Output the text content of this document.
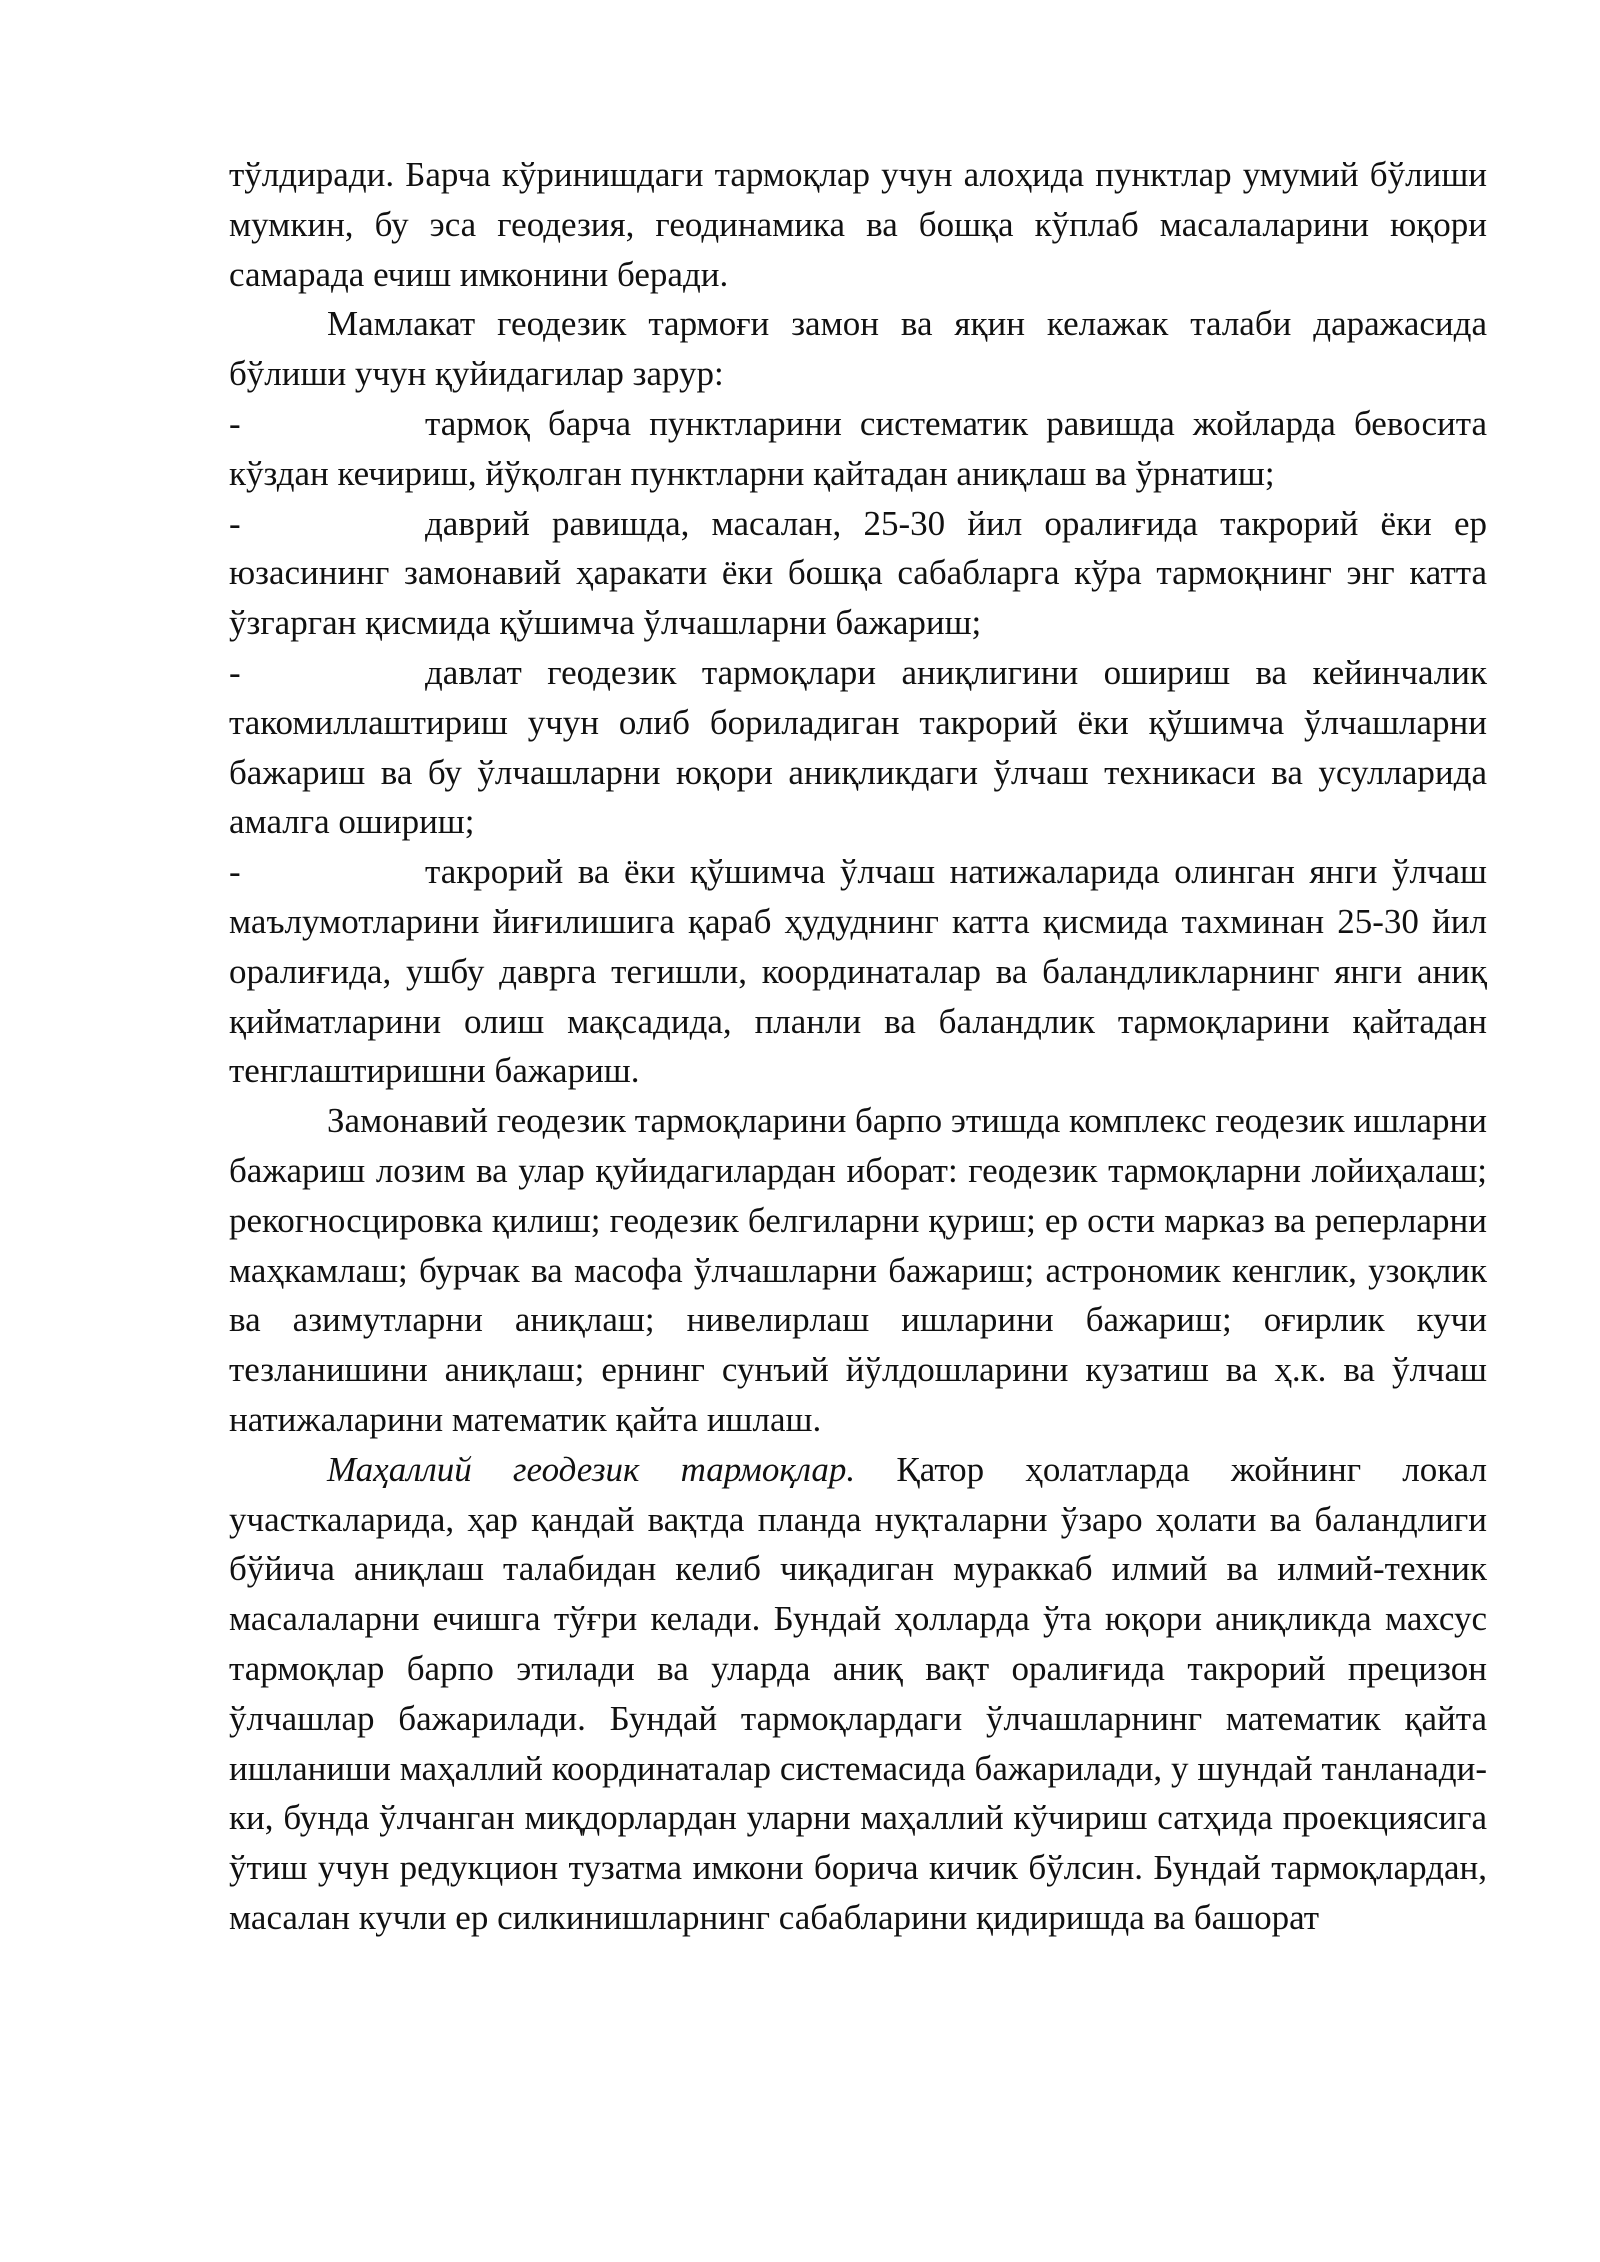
тўлдиради. Барча кўринишдаги тармоқлар учун алоҳида пунктлар умумий бўлиши мумкин, бу эса геодезия, геодинамика ва бошқа кўплаб масалаларини юқори самарада ечиш имконини беради.

Мамлакат геодезик тармоғи замон ва яқин келажак талаби даражасида бўлиши учун қуйидагилар зарур:

-	тармоқ барча пунктларини систематик равишда жойларда бевосита кўздан кечириш, йўқолган пунктларни қайтадан аниқлаш ва ўрнатиш;

-	даврий равишда, масалан, 25-30 йил оралиғида такрорий ёки ер юзасининг замонавий ҳаракати ёки бошқа сабабларга кўра тармоқнинг энг катта ўзгарган қисмида қўшимча ўлчашларни бажариш;

-	давлат геодезик тармоқлари аниқлигини ошириш ва кейинчалик такомиллаштириш учун олиб бориладиган такрорий ёки қўшимча ўлчашларни бажариш ва бу ўлчашларни юқори аниқликдаги ўлчаш техникаси ва усулларида амалга ошириш;

-	такрорий ва ёки қўшимча ўлчаш натижаларида олинган янги ўлчаш маълумотларини йиғилишига қараб ҳудуднинг катта қисмида тахминан 25-30 йил оралиғида, ушбу даврга тегишли, координаталар ва баландликларнинг янги аниқ қийматларини олиш мақсадида, планли ва баландлик тармоқларини қайтадан тенглаштиришни бажариш.

Замонавий геодезик тармоқларини барпо этишда комплекс геодезик ишларни бажариш лозим ва улар қуйидагилардан иборат: геодезик тармоқларни лойиҳалаш; рекогносцировка қилиш; геодезик белгиларни қуриш; ер ости марказ ва реперларни маҳкамлаш; бурчак ва масофа ўлчашларни бажариш; астрономик кенглик, узоқлик ва азимутларни аниқлаш; нивелирлаш ишларини бажариш; оғирлик кучи тезланишини аниқлаш; ернинг сунъий йўлдошларини кузатиш ва ҳ.к. ва ўлчаш натижаларини математик қайта ишлаш.

Маҳаллий геодезик тармоқлар. Қатор ҳолатларда жойнинг локал участкаларида, ҳар қандай вақтда планда нуқталарни ўзаро ҳолати ва баландлиги бўйича аниқлаш талабидан келиб чиқадиган мураккаб илмий ва илмий-техник масалаларни ечишга тўғри келади. Бундай ҳолларда ўта юқори аниқликда махсус тармоқлар барпо этилади ва уларда аниқ вақт оралиғида такрорий прецизон ўлчашлар бажарилади. Бундай тармоқлардаги ўлчашларнинг математик қайта ишланиши маҳаллий координаталар системасида бажарилади, у шундай танланади-ки, бунда ўлчанган миқдорлардан уларни маҳаллий кўчириш сатҳида проекциясига ўтиш учун редукцион тузатма имкони борича кичик бўлсин. Бундай тармоқлардан, масалан кучли ер силкинишларнинг сабабларини қидиришда ва башорат
